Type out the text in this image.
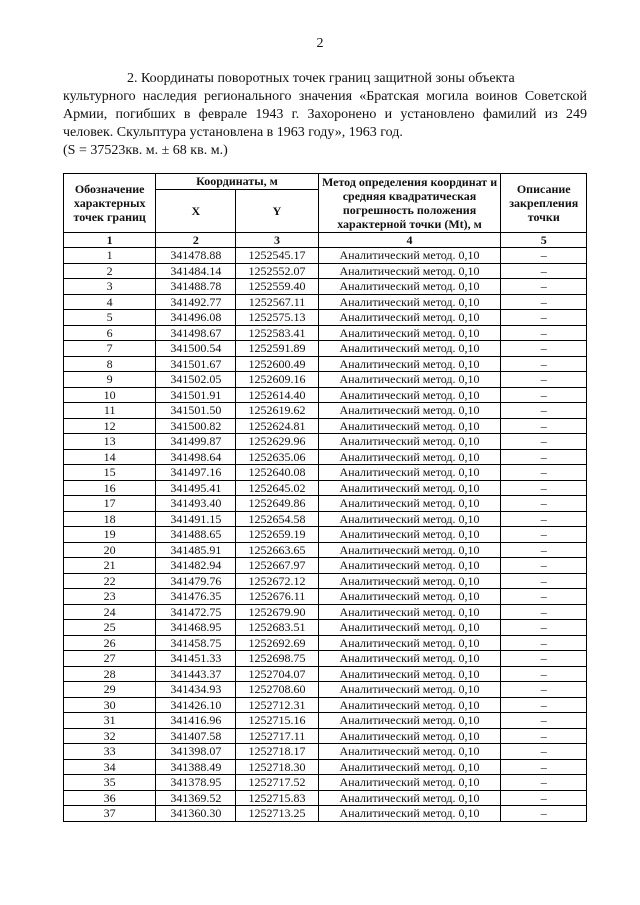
2
2. Координаты поворотных точек границ защитной зоны объекта
культурного наследия регионального значения «Братская могила воинов Советской Армии, погибших в феврале 1943 г. Захоронено и установлено фамилий из 249 человек. Скульптура установлена в 1963 году», 1963 год.
(S = 37523кв. м. ± 68 кв. м.)
Обозначение характерных точек границ	Координаты, м		Метод определения координат и средняя квадратическая погрешность положения характерной точки (Mt), м	Описание закрепления точки
	X	Y		
1	2	3	4	5
1	341478.88	1252545.17	Аналитический метод. 0,10	–
2	341484.14	1252552.07	Аналитический метод. 0,10	–
3	341488.78	1252559.40	Аналитический метод. 0,10	–
4	341492.77	1252567.11	Аналитический метод. 0,10	–
5	341496.08	1252575.13	Аналитический метод. 0,10	–
6	341498.67	1252583.41	Аналитический метод. 0,10	–
7	341500.54	1252591.89	Аналитический метод. 0,10	–
8	341501.67	1252600.49	Аналитический метод. 0,10	–
9	341502.05	1252609.16	Аналитический метод. 0,10	–
10	341501.91	1252614.40	Аналитический метод. 0,10	–
11	341501.50	1252619.62	Аналитический метод. 0,10	–
12	341500.82	1252624.81	Аналитический метод. 0,10	–
13	341499.87	1252629.96	Аналитический метод. 0,10	–
14	341498.64	1252635.06	Аналитический метод. 0,10	–
15	341497.16	1252640.08	Аналитический метод. 0,10	–
16	341495.41	1252645.02	Аналитический метод. 0,10	–
17	341493.40	1252649.86	Аналитический метод. 0,10	–
18	341491.15	1252654.58	Аналитический метод. 0,10	–
19	341488.65	1252659.19	Аналитический метод. 0,10	–
20	341485.91	1252663.65	Аналитический метод. 0,10	–
21	341482.94	1252667.97	Аналитический метод. 0,10	–
22	341479.76	1252672.12	Аналитический метод. 0,10	–
23	341476.35	1252676.11	Аналитический метод. 0,10	–
24	341472.75	1252679.90	Аналитический метод. 0,10	–
25	341468.95	1252683.51	Аналитический метод. 0,10	–
26	341458.75	1252692.69	Аналитический метод. 0,10	–
27	341451.33	1252698.75	Аналитический метод. 0,10	–
28	341443.37	1252704.07	Аналитический метод. 0,10	–
29	341434.93	1252708.60	Аналитический метод. 0,10	–
30	341426.10	1252712.31	Аналитический метод. 0,10	–
31	341416.96	1252715.16	Аналитический метод. 0,10	–
32	341407.58	1252717.11	Аналитический метод. 0,10	–
33	341398.07	1252718.17	Аналитический метод. 0,10	–
34	341388.49	1252718.30	Аналитический метод. 0,10	–
35	341378.95	1252717.52	Аналитический метод. 0,10	–
36	341369.52	1252715.83	Аналитический метод. 0,10	–
37	341360.30	1252713.25	Аналитический метод. 0,10	–
